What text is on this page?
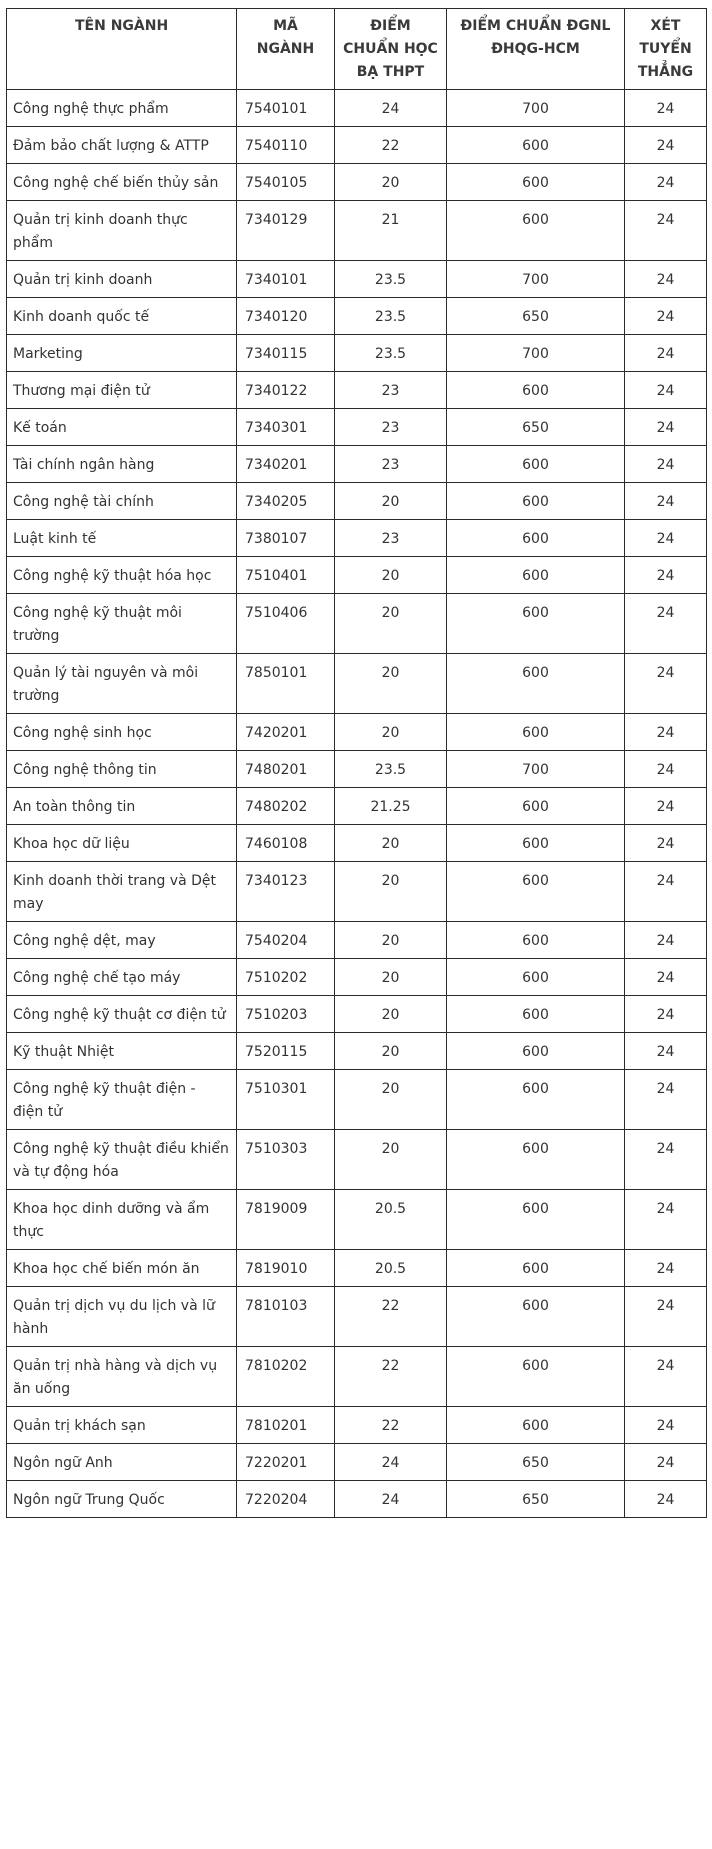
TÊN NGÀNH	MÃ NGÀNH	ĐIỂM CHUẨN HỌC BẠ THPT	ĐIỂM CHUẨN ĐGNL ĐHQG-HCM	XÉT TUYỂN THẲNG
Công nghệ thực phẩm	7540101	24	700	24
Đảm bảo chất lượng & ATTP	7540110	22	600	24
Công nghệ chế biến thủy sản	7540105	20	600	24
Quản trị kinh doanh thực phẩm	7340129	21	600	24
Quản trị kinh doanh	7340101	23.5	700	24
Kinh doanh quốc tế	7340120	23.5	650	24
Marketing	7340115	23.5	700	24
Thương mại điện tử	7340122	23	600	24
Kế toán	7340301	23	650	24
Tài chính ngân hàng	7340201	23	600	24
Công nghệ tài chính	7340205	20	600	24
Luật kinh tế	7380107	23	600	24
Công nghệ kỹ thuật hóa học	7510401	20	600	24
Công nghệ kỹ thuật môi trường	7510406	20	600	24
Quản lý tài nguyên và môi trường	7850101	20	600	24
Công nghệ sinh học	7420201	20	600	24
Công nghệ thông tin	7480201	23.5	700	24
An toàn thông tin	7480202	21.25	600	24
Khoa học dữ liệu	7460108	20	600	24
Kinh doanh thời trang và Dệt may	7340123	20	600	24
Công nghệ dệt, may	7540204	20	600	24
Công nghệ chế tạo máy	7510202	20	600	24
Công nghệ kỹ thuật cơ điện tử	7510203	20	600	24
Kỹ thuật Nhiệt	7520115	20	600	24
Công nghệ kỹ thuật điện - điện tử	7510301	20	600	24
Công nghệ kỹ thuật điều khiển và tự động hóa	7510303	20	600	24
Khoa học dinh dưỡng và ẩm thực	7819009	20.5	600	24
Khoa học chế biến món ăn	7819010	20.5	600	24
Quản trị dịch vụ du lịch và lữ hành	7810103	22	600	24
Quản trị nhà hàng và dịch vụ ăn uống	7810202	22	600	24
Quản trị khách sạn	7810201	22	600	24
Ngôn ngữ Anh	7220201	24	650	24
Ngôn ngữ Trung Quốc	7220204	24	650	24
